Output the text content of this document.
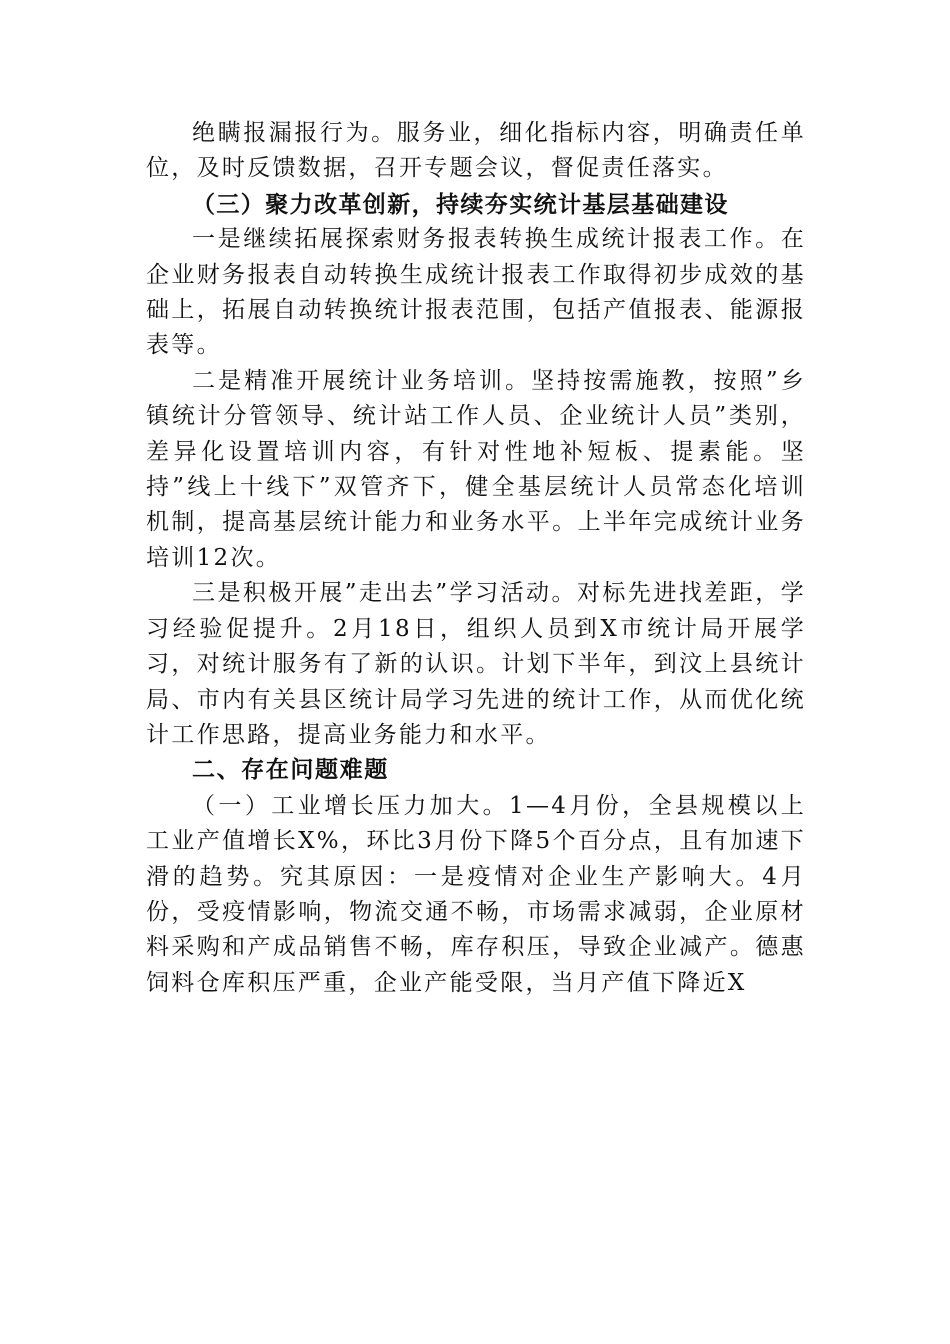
绝瞒报漏报行为。服务业，细化指标内容，明确责任单位，及时反馈数据，召开专题会议，督促责任落实。

（三）聚力改革创新，持续夯实统计基层基础建设

一是继续拓展探索财务报表转换生成统计报表工作。在企业财务报表自动转换生成统计报表工作取得初步成效的基础上，拓展自动转换统计报表范围，包括产值报表、能源报表等。

二是精准开展统计业务培训。坚持按需施教，按照”乡镇统计分管领导、统计站工作人员、企业统计人员”类别，差异化设置培训内容，有针对性地补短板、提素能。坚持”线上十线下”双管齐下，健全基层统计人员常态化培训机制，提高基层统计能力和业务水平。上半年完成统计业务培训12次。

三是积极开展”走出去”学习活动。对标先进找差距，学习经验促提升。2月18日，组织人员到X市统计局开展学习，对统计服务有了新的认识。计划下半年，到汶上县统计局、市内有关县区统计局学习先进的统计工作，从而优化统计工作思路，提高业务能力和水平。

二、存在问题难题

（一）工业增长压力加大。1—4月份，全县规模以上工业产值增长X%，环比3月份下降5个百分点，且有加速下滑的趋势。究其原因：一是疫情对企业生产影响大。4月份，受疫情影响，物流交通不畅，市场需求减弱，企业原材料采购和产成品销售不畅，库存积压，导致企业减产。德惠饲料仓库积压严重，企业产能受限，当月产值下降近X
